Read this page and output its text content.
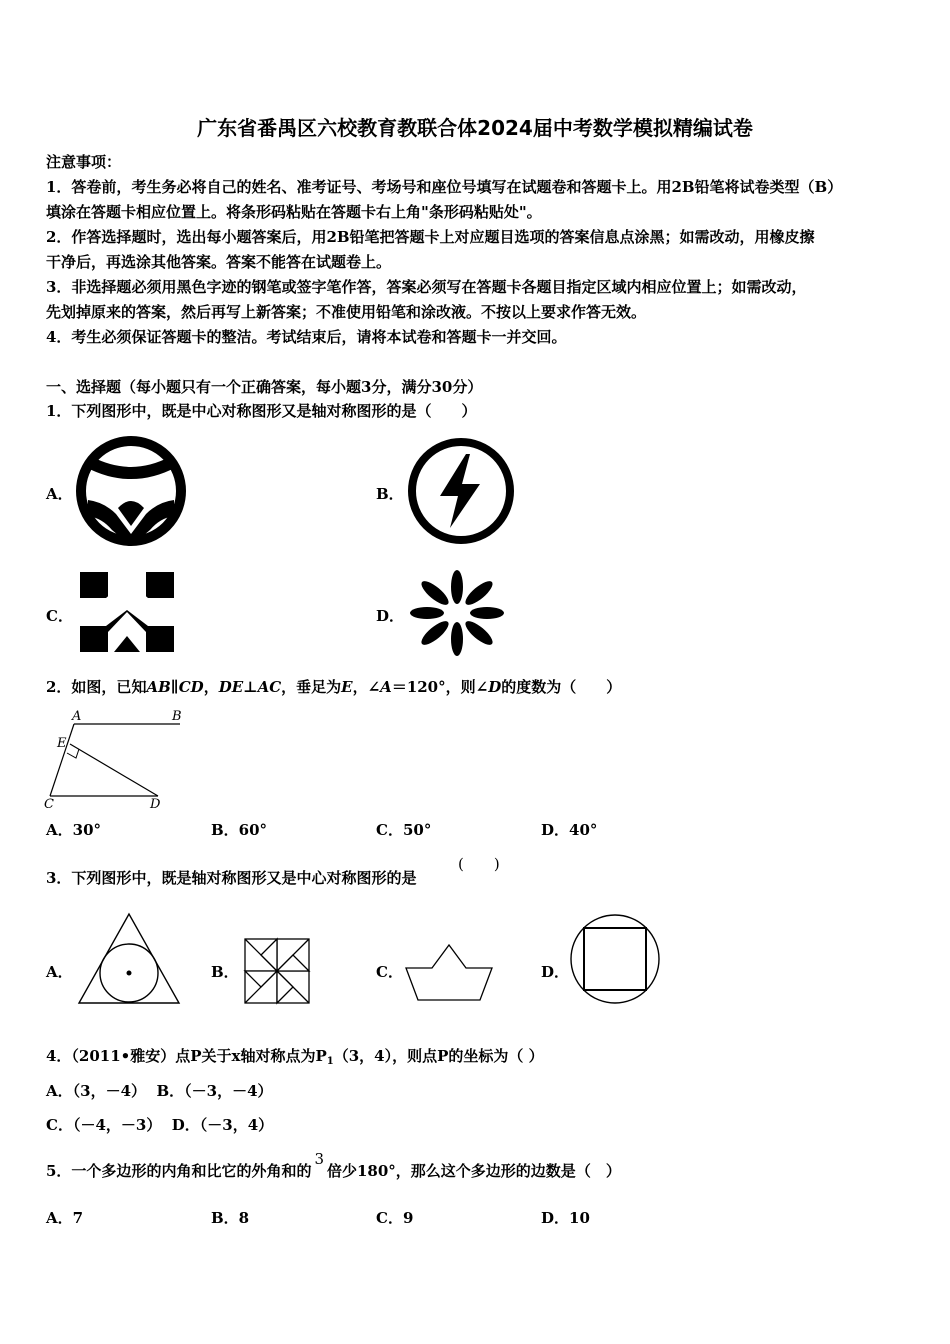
广东省番禺区六校教育教联合体2024届中考数学模拟精编试卷
注意事项：
1．答卷前，考生务必将自己的姓名、准考证号、考场号和座位号填写在试题卷和答题卡上。用2B铅笔将试卷类型（B）
填涂在答题卡相应位置上。将条形码粘贴在答题卡右上角"条形码粘贴处"。
2．作答选择题时，选出每小题答案后，用2B铅笔把答题卡上对应题目选项的答案信息点涂黑；如需改动，用橡皮擦
干净后，再选涂其他答案。答案不能答在试题卷上。
3．非选择题必须用黑色字迹的钢笔或签字笔作答，答案必须写在答题卡各题目指定区域内相应位置上；如需改动，
先划掉原来的答案，然后再写上新答案；不准使用铅笔和涂改液。不按以上要求作答无效。
4．考生必须保证答题卡的整洁。考试结束后，请将本试卷和答题卡一并交回。
一、选择题（每小题只有一个正确答案，每小题3分，满分30分）
1．下列图形中，既是中心对称图形又是轴对称图形的是（　　）
A．	B．
C．	D．
2．如图，已知AB∥CD，DE⊥AC，垂足为E，∠A＝120°，则∠D的度数为（　　）
A	B
E
C	D
A．30°	B．60°	C．50°	D．40°
3．下列图形中，既是轴对称图形又是中心对称图形的是
(　　)
A．	B．	C．	D．
4．（2011•雅安）点P关于x轴对称点为$P_1(3$，4），则点P的坐标为（ ）
A．（3，－4）  B．（－3，－4）
C．（－4，－3）  D．（－3，4）
5．一个多边形的内角和比它的外角和的3倍少180°，那么这个多边形的边数是（　）
A．7	B．8	C．9	D．10
